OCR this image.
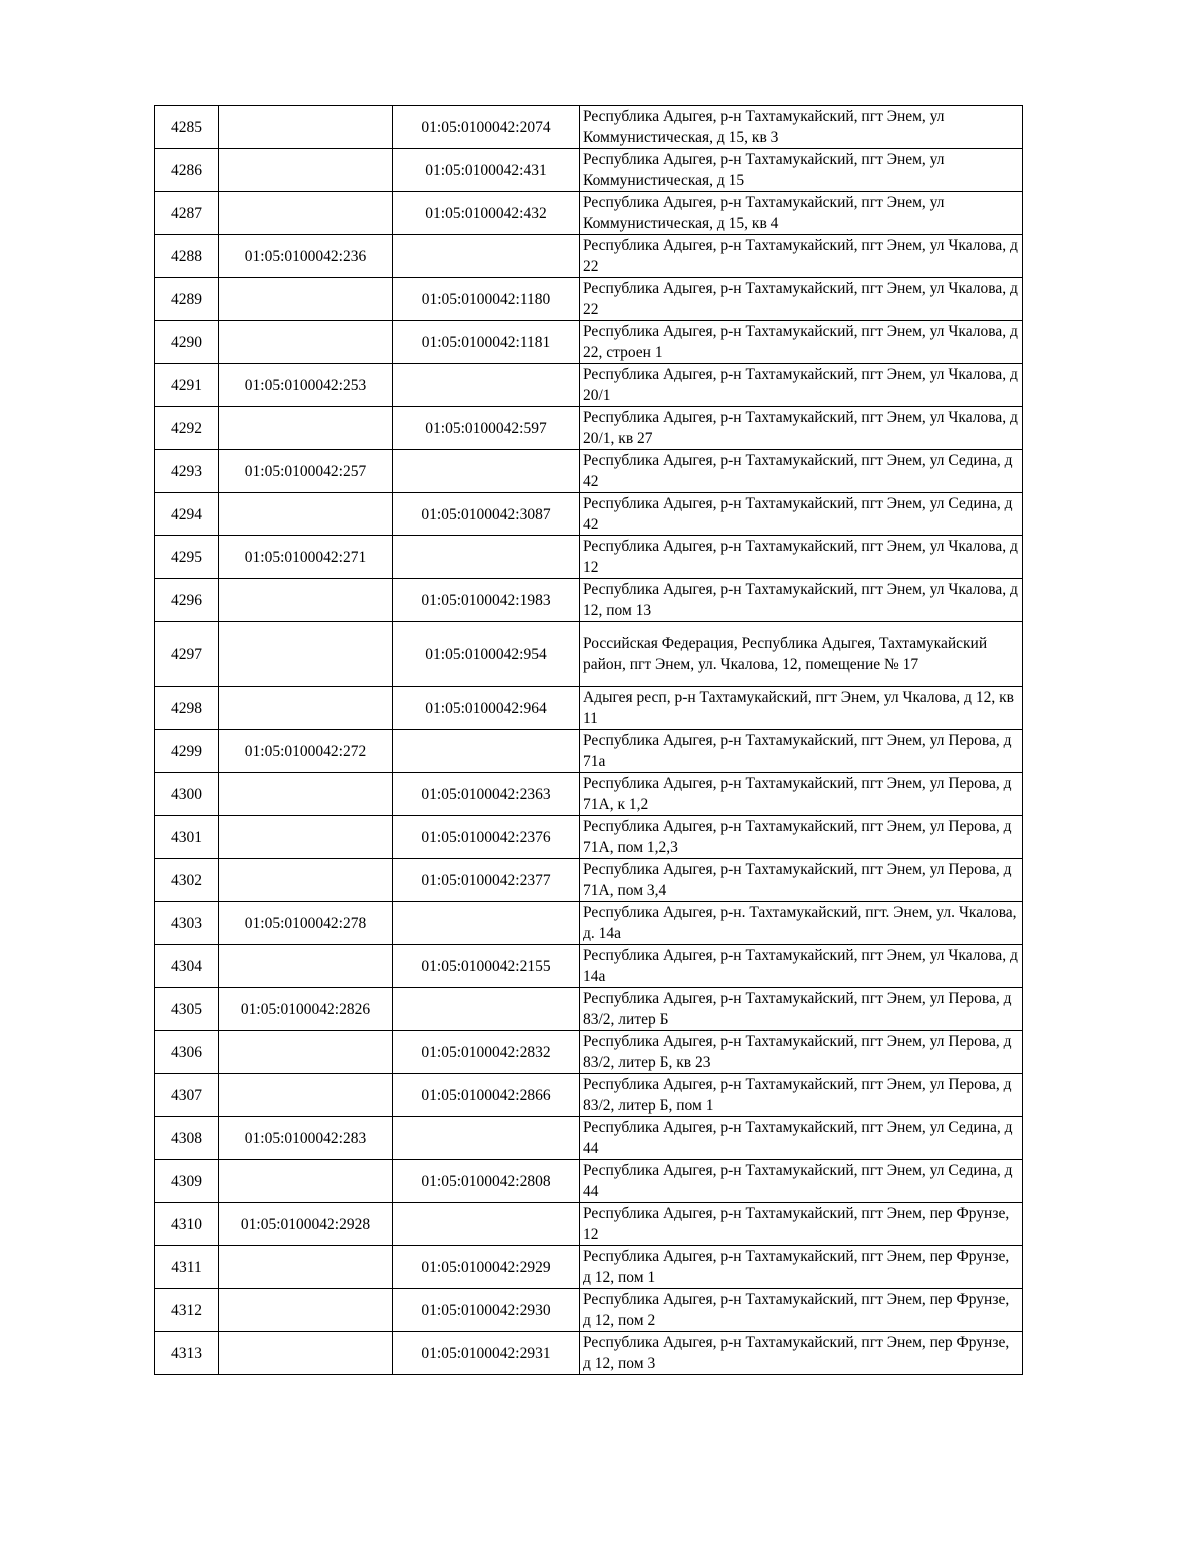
4285		01:05:0100042:2074	Республика Адыгея, р-н Тахтамукайский, пгт Энем, ул Коммунистическая, д 15, кв 3
4286		01:05:0100042:431	Республика Адыгея, р-н Тахтамукайский, пгт Энем, ул Коммунистическая, д 15
4287		01:05:0100042:432	Республика Адыгея, р-н Тахтамукайский, пгт Энем, ул Коммунистическая, д 15, кв 4
4288	01:05:0100042:236		Республика Адыгея, р-н Тахтамукайский, пгт Энем, ул Чкалова, д 22
4289		01:05:0100042:1180	Республика Адыгея, р-н Тахтамукайский, пгт Энем, ул Чкалова, д 22
4290		01:05:0100042:1181	Республика Адыгея, р-н Тахтамукайский, пгт Энем, ул Чкалова, д 22, строен 1
4291	01:05:0100042:253		Республика Адыгея, р-н Тахтамукайский, пгт Энем, ул Чкалова, д 20/1
4292		01:05:0100042:597	Республика Адыгея, р-н Тахтамукайский, пгт Энем, ул Чкалова, д 20/1, кв 27
4293	01:05:0100042:257		Республика Адыгея, р-н Тахтамукайский, пгт Энем, ул Седина, д 42
4294		01:05:0100042:3087	Республика Адыгея, р-н Тахтамукайский, пгт Энем, ул Седина, д 42
4295	01:05:0100042:271		Республика Адыгея, р-н Тахтамукайский, пгт Энем, ул Чкалова, д 12
4296		01:05:0100042:1983	Республика Адыгея, р-н Тахтамукайский, пгт Энем, ул Чкалова, д 12, пом 13
4297		01:05:0100042:954	Российская Федерация, Республика Адыгея, Тахтамукайский район, пгт Энем, ул. Чкалова, 12, помещение № 17
4298		01:05:0100042:964	Адыгея респ, р-н Тахтамукайский, пгт Энем, ул Чкалова, д 12, кв 11
4299	01:05:0100042:272		Республика Адыгея, р-н Тахтамукайский, пгт Энем, ул Перова, д 71а
4300		01:05:0100042:2363	Республика Адыгея, р-н Тахтамукайский, пгт Энем, ул Перова, д 71А, к 1,2
4301		01:05:0100042:2376	Республика Адыгея, р-н Тахтамукайский, пгт Энем, ул Перова, д 71А, пом 1,2,3
4302		01:05:0100042:2377	Республика Адыгея, р-н Тахтамукайский, пгт Энем, ул Перова, д 71А, пом 3,4
4303	01:05:0100042:278		Республика Адыгея, р-н. Тахтамукайский, пгт. Энем, ул. Чкалова, д. 14а
4304		01:05:0100042:2155	Республика Адыгея, р-н Тахтамукайский, пгт Энем, ул Чкалова, д 14а
4305	01:05:0100042:2826		Республика Адыгея, р-н Тахтамукайский, пгт Энем, ул Перова, д 83/2, литер Б
4306		01:05:0100042:2832	Республика Адыгея, р-н Тахтамукайский, пгт Энем, ул Перова, д 83/2, литер Б, кв 23
4307		01:05:0100042:2866	Республика Адыгея, р-н Тахтамукайский, пгт Энем, ул Перова, д 83/2, литер Б, пом 1
4308	01:05:0100042:283		Республика Адыгея, р-н Тахтамукайский, пгт Энем, ул Седина, д 44
4309		01:05:0100042:2808	Республика Адыгея, р-н Тахтамукайский, пгт Энем, ул Седина, д 44
4310	01:05:0100042:2928		Республика Адыгея, р-н Тахтамукайский, пгт Энем, пер Фрунзе, 12
4311		01:05:0100042:2929	Республика Адыгея, р-н Тахтамукайский, пгт Энем, пер Фрунзе, д 12, пом 1
4312		01:05:0100042:2930	Республика Адыгея, р-н Тахтамукайский, пгт Энем, пер Фрунзе, д 12, пом 2
4313		01:05:0100042:2931	Республика Адыгея, р-н Тахтамукайский, пгт Энем, пер Фрунзе, д 12, пом 3
